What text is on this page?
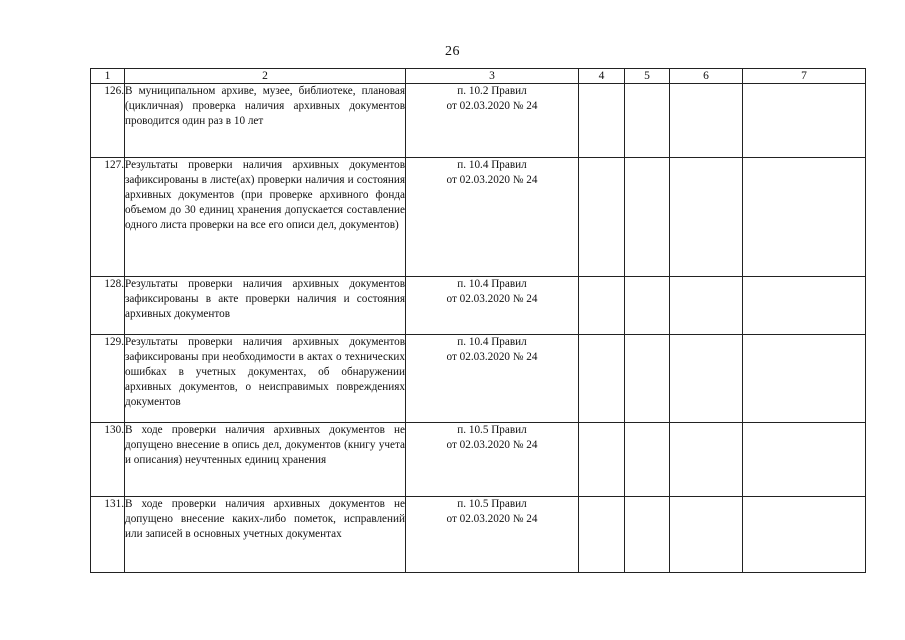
26
1	2	3	4	5	6	7
126.	В муниципальном архиве, музее, библиотеке, плановая (цикличная) проверка наличия архивных документов проводится один раз в 10 лет	п. 10.2 Правил
от 02.03.2020 № 24				
127.	Результаты проверки наличия архивных документов зафиксированы в листе(ах) проверки наличия и состояния архивных документов (при проверке архивного фонда объемом до 30 единиц хранения допускается составление одного листа проверки на все его описи дел, документов)	п. 10.4 Правил
от 02.03.2020 № 24				
128.	Результаты проверки наличия архивных документов зафиксированы в акте проверки наличия и состояния архивных документов	п. 10.4 Правил
от 02.03.2020 № 24				
129.	Результаты проверки наличия архивных документов зафиксированы при необходимости в актах о технических ошибках в учетных документах, об обнаружении архивных документов, о неисправимых повреждениях документов	п. 10.4 Правил
от 02.03.2020 № 24				
130.	В ходе проверки наличия архивных документов не допущено внесение в опись дел, документов (книгу учета и описания) неучтенных единиц хранения	п. 10.5 Правил
от 02.03.2020 № 24				
131.	В ходе проверки наличия архивных документов не допущено внесение каких-либо пометок, исправлений или записей в основных учетных документах	п. 10.5 Правил
от 02.03.2020 № 24				
